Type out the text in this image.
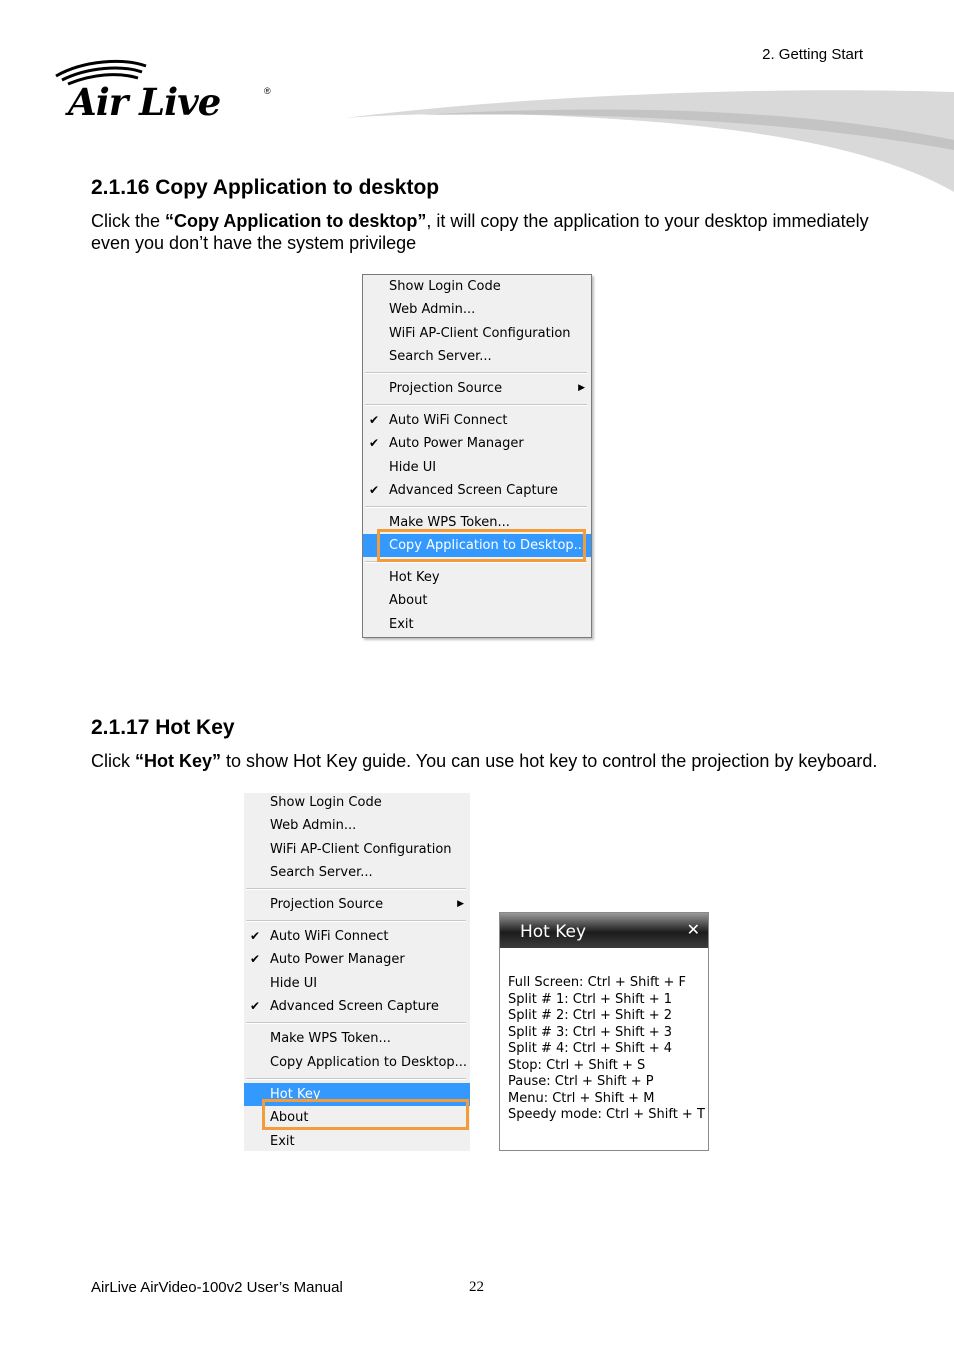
2. Getting Start
Air Live	®
2.1.16 Copy Application to desktop

Click the “Copy Application to desktop”, it will copy the application to your desktop immediately even you don’t have the system privilege

Show Login Code
Web Admin...
WiFi AP-Client Configuration
Search Server...
Projection Source	▶
✔ Auto WiFi Connect
✔ Auto Power Manager
Hide UI
✔ Advanced Screen Capture
Make WPS Token...
Copy Application to Desktop...
Hot Key
About
Exit
2.1.17 Hot Key

Click “Hot Key” to show Hot Key guide. You can use hot key to control the projection by keyboard.

Show Login Code
Web Admin...
WiFi AP-Client Configuration
Search Server...
Projection Source	▶
✔ Auto WiFi Connect
✔ Auto Power Manager
Hide UI
✔ Advanced Screen Capture
Make WPS Token...
Copy Application to Desktop...
Hot Key
About
Exit
Hot Key	✕
Full Screen: Ctrl + Shift + F
Split # 1: Ctrl + Shift + 1
Split # 2: Ctrl + Shift + 2
Split # 3: Ctrl + Shift + 3
Split # 4: Ctrl + Shift + 4
Stop: Ctrl + Shift + S
Pause: Ctrl + Shift + P
Menu: Ctrl + Shift + M
Speedy mode: Ctrl + Shift + T
AirLive AirVideo-100v2 User’s Manual	22
